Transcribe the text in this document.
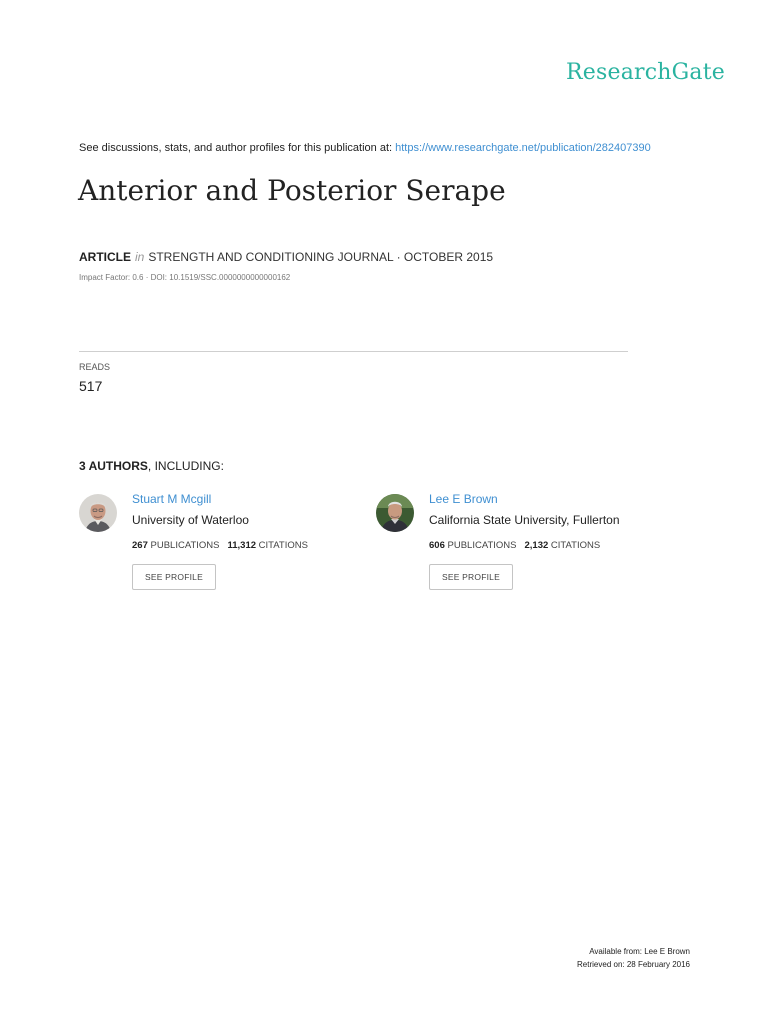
ResearchGate
See discussions, stats, and author profiles for this publication at: https://www.researchgate.net/publication/282407390
Anterior and Posterior Serape
ARTICLE in STRENGTH AND CONDITIONING JOURNAL · OCTOBER 2015
Impact Factor: 0.6 · DOI: 10.1519/SSC.0000000000000162
READS
517
3 AUTHORS, INCLUDING:
Stuart M Mcgill
University of Waterloo
267 PUBLICATIONS 11,312 CITATIONS
SEE PROFILE
Lee E Brown
California State University, Fullerton
606 PUBLICATIONS 2,132 CITATIONS
SEE PROFILE
Available from: Lee E Brown
Retrieved on: 28 February 2016
